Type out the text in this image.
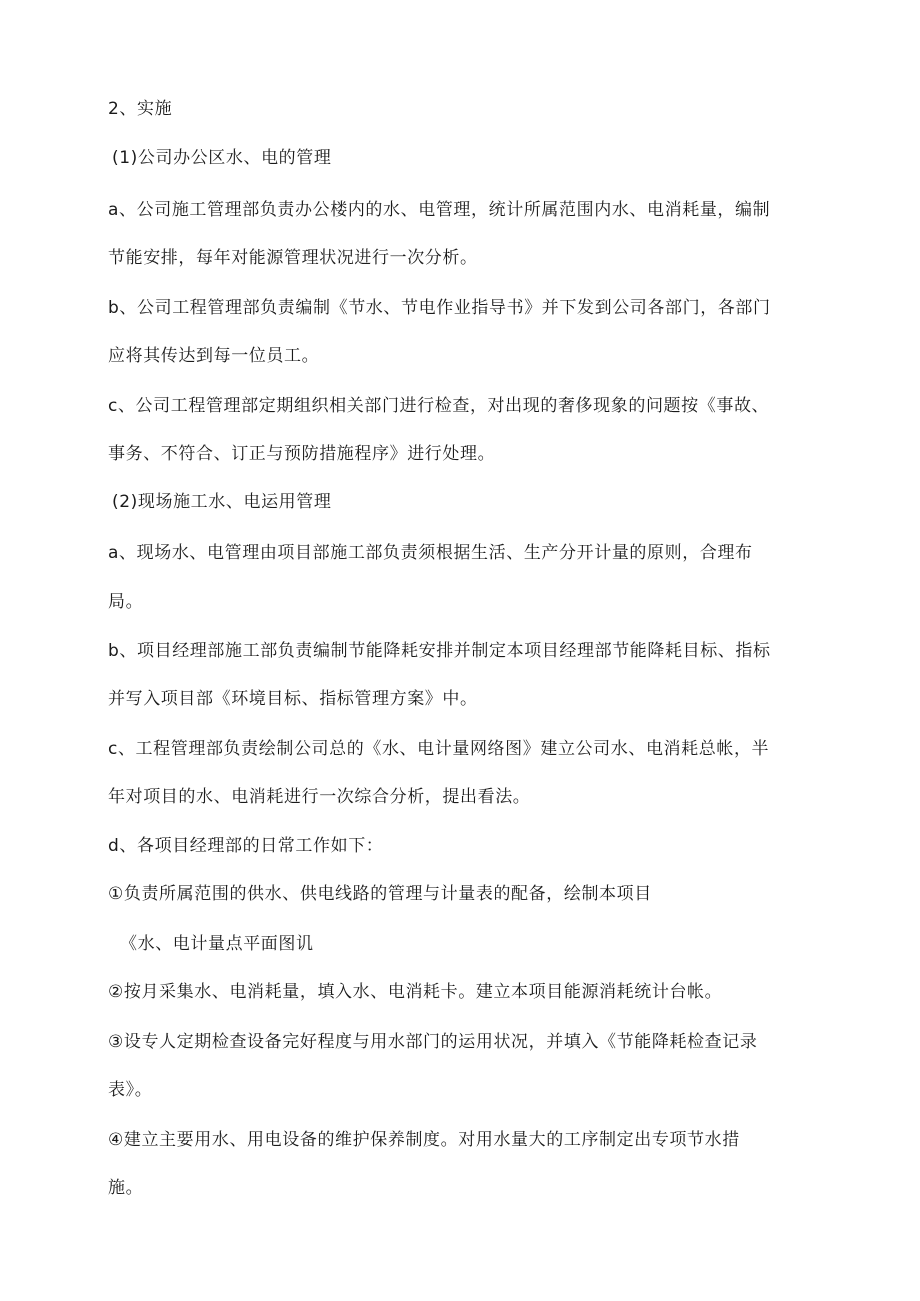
2、实施
(1)公司办公区水、电的管理
a、公司施工管理部负责办公楼内的水、电管理，统计所属范围内水、电消耗量，编制
节能安排，每年对能源管理状况进行一次分析。
b、公司工程管理部负责编制《节水、节电作业指导书》并下发到公司各部门，各部门
应将其传达到每一位员工。
c、公司工程管理部定期组织相关部门进行检查，对出现的奢侈现象的问题按《事故、
事务、不符合、订正与预防措施程序》进行处理。
(2)现场施工水、电运用管理
a、现场水、电管理由项目部施工部负责须根据生活、生产分开计量的原则，合理布
局。
b、项目经理部施工部负责编制节能降耗安排并制定本项目经理部节能降耗目标、指标
并写入项目部《环境目标、指标管理方案》中。
c、工程管理部负责绘制公司总的《水、电计量网络图》建立公司水、电消耗总帐，半
年对项目的水、电消耗进行一次综合分析，提出看法。
d、各项目经理部的日常工作如下：
①负责所属范围的供水、供电线路的管理与计量表的配备，绘制本项目
《水、电计量点平面图讥
②按月采集水、电消耗量，填入水、电消耗卡。建立本项目能源消耗统计台帐。
③设专人定期检查设备完好程度与用水部门的运用状况，并填入《节能降耗检查记录
表》。
④建立主要用水、用电设备的维护保养制度。对用水量大的工序制定出专项节水措
施。
